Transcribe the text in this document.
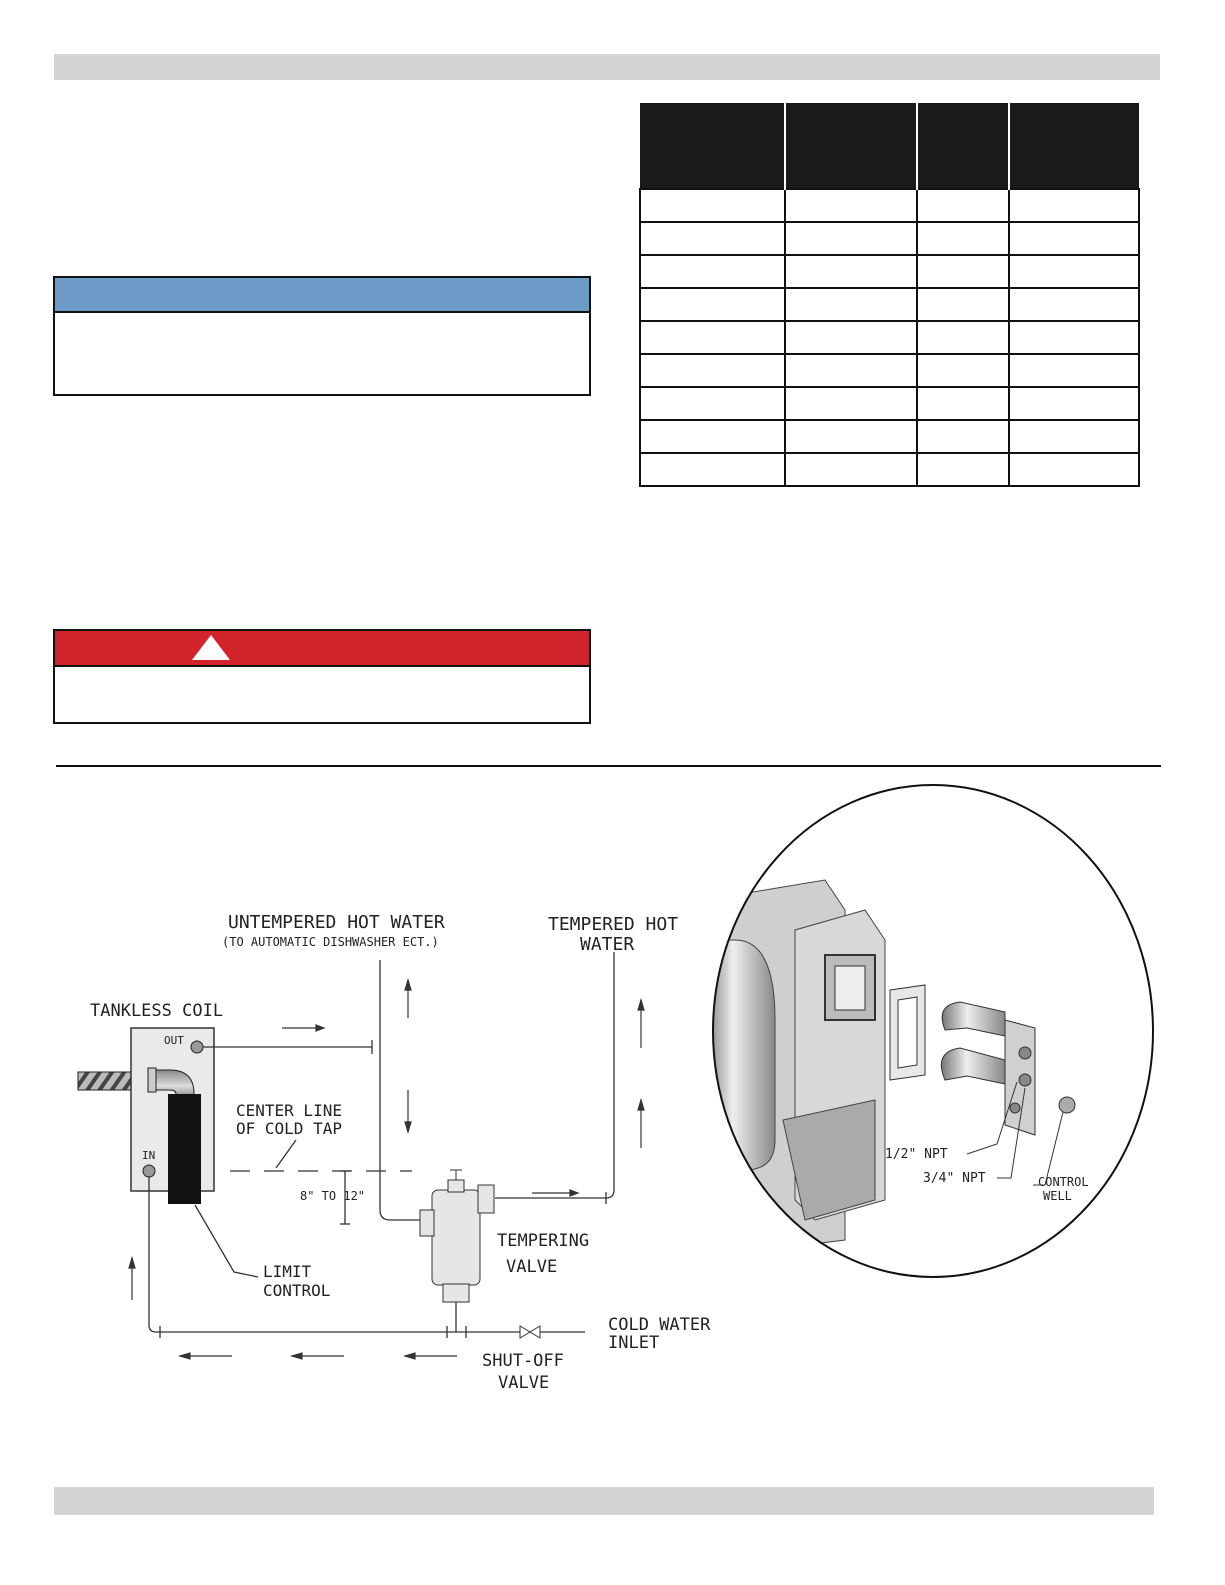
UNTEMPERED HOT WATER
(TO AUTOMATIC DISHWASHER ECT.)
TEMPERED HOT
WATER
TANKLESS COIL
CENTER LINE
OF COLD TAP
8" TO 12"
LIMIT
CONTROL
TEMPERING
VALVE
COLD WATER
INLET
SHUT-OFF
VALVE
OUT
IN	1/2" NPT
3/4" NPT	CONTROL
WELL
